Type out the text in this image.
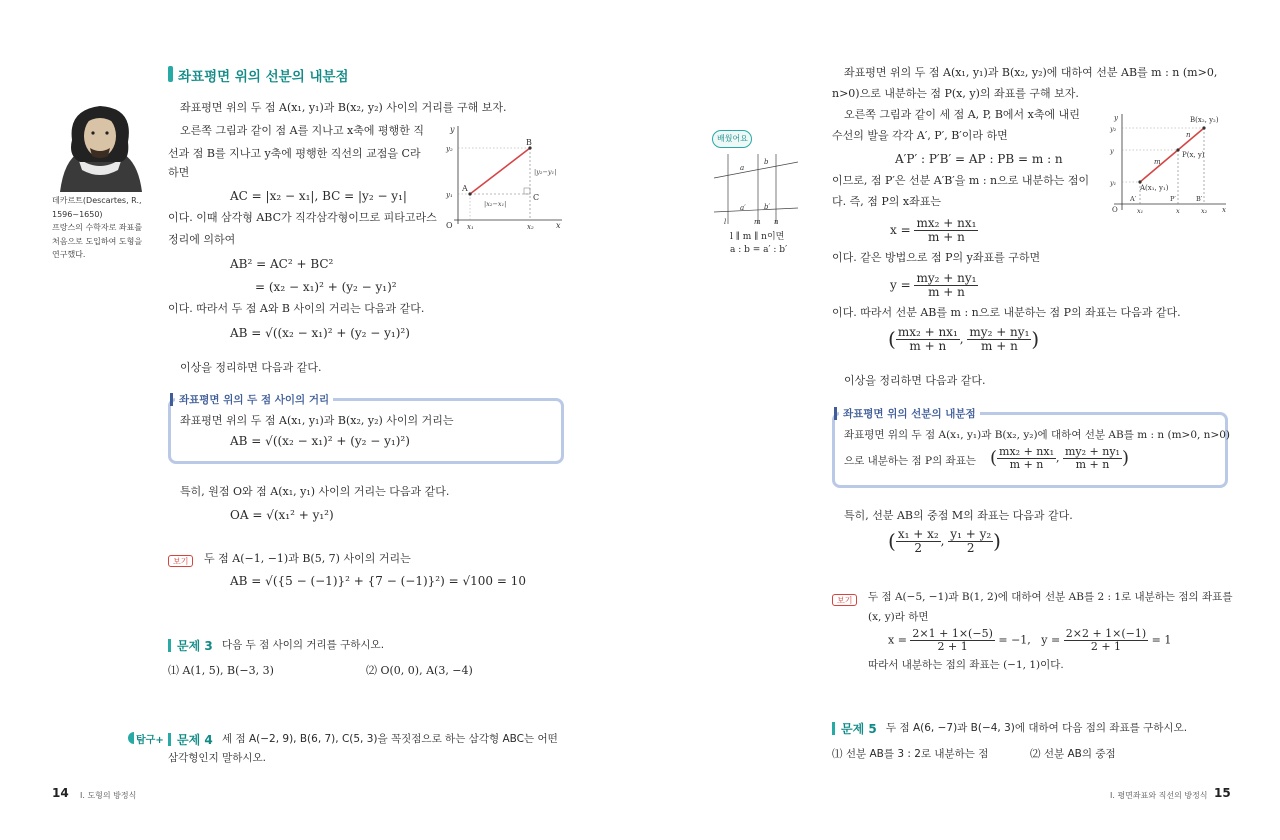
데카르트(Descartes, R.,
1596~1650)
프랑스의 수학자로 좌표를
처음으로 도입하여 도형을
연구했다.
좌표평면 위의 선분의 내분점
좌표평면 위의 두 점 A(x₁, y₁)과 B(x₂, y₂) 사이의 거리를 구해 보자.
오른쪽 그림과 같이 점 A를 지나고 x축에 평행한 직
선과 점 B를 지나고 y축에 평행한 직선의 교점을 C라
하면
AC = |x₂ − x₁|, BC = |y₂ − y₁|
이다. 이때 삼각형 ABC가 직각삼각형이므로 피타고라스
정리에 의하여
AB² = AC² + BC²
= (x₂ − x₁)² + (y₂ − y₁)²
이다. 따라서 두 점 A와 B 사이의 거리는 다음과 같다.
AB = √((x₂ − x₁)² + (y₂ − y₁)²)
이상을 정리하면 다음과 같다.
y
x
O
A
B
C
y₂
y₁
x₁	x₂
|x₂−x₁|
|y₂−y₁|
좌표평면 위의 두 점 사이의 거리
좌표평면 위의 두 점 A(x₁, y₁)과 B(x₂, y₂) 사이의 거리는
AB = √((x₂ − x₁)² + (y₂ − y₁)²)
특히, 원점 O와 점 A(x₁, y₁) 사이의 거리는 다음과 같다.
OA = √(x₁² + y₁²)
보기	두 점 A(−1, −1)과 B(5, 7) 사이의 거리는
AB = √({5 − (−1)}² + {7 − (−1)}²) = √100 = 10
문제 3 다음 두 점 사이의 거리를 구하시오.
⑴ A(1, 5), B(−3, 3)	⑵ O(0, 0), A(3, −4)
탐구+ 문제 4 세 점 A(−2, 9), B(6, 7), C(5, 3)을 꼭짓점으로 하는 삼각형 ABC는 어떤
삼각형인지 말하시오.
14 Ⅰ. 도형의 방정식
배웠어요
a
b
a′	b′
l	m n
l ∥ m ∥ n이면
a : b = a′ : b′
좌표평면 위의 두 점 A(x₁, y₁)과 B(x₂, y₂)에 대하여 선분 AB를 m : n (m>0,
n>0)으로 내분하는 점 P(x, y)의 좌표를 구해 보자.
오른쪽 그림과 같이 세 점 A, P, B에서 x축에 내린
수선의 발을 각각 A′, P′, B′이라 하면
A′P′ : P′B′ = AP : PB = m : n
이므로, 점 P′은 선분 A′B′을 m : n으로 내분하는 점이
다. 즉, 점 P의 x좌표는
$x = \frac{\text{mx₂ + nx₁}}{m + n}$
이다. 같은 방법으로 점 P의 y좌표를 구하면
$y = \frac{\text{my₂ + ny₁}}{m + n}$
이다. 따라서 선분 AB를 m : n으로 내분하는 점 P의 좌표는 다음과 같다.
( $\frac{\text{mx₂ + nx₁}}{m + n}$ , $\frac{\text{my₂ + ny₁}}{m + n}$ )
이상을 정리하면 다음과 같다.
y
x
O
A(x₁, y₁)
P(x, y)
B(x₂, y₂)
m
n
y₂
y
y₁
A′	P′	B′
x₁	x	x₂
좌표평면 위의 선분의 내분점
좌표평면 위의 두 점 A(x₁, y₁)과 B(x₂, y₂)에 대하여 선분 AB를 m : n (m>0, n>0)
으로 내분하는 점 P의 좌표는 ( $\frac{\text{mx₂ + nx₁}}{m + n}$ , $\frac{\text{my₂ + ny₁}}{m + n}$ )
특히, 선분 AB의 중점 M의 좌표는 다음과 같다.
( $\frac{\text{x₁ + x₂}}{2}$ , $\frac{\text{y₁ + y₂}}{2}$ )
보기	두 점 A(−5, −1)과 B(1, 2)에 대하여 선분 AB를 2 : 1로 내분하는 점의 좌표를
(x, y)라 하면
$x = \frac{2\times 1 + 1\times(-5)}{2 + 1} = -1$, $y = \frac{2\times 2 + 1\times(-1)}{2 + 1} = 1$
따라서 내분하는 점의 좌표는 (−1, 1)이다.
문제 5 두 점 A(6, −7)과 B(−4, 3)에 대하여 다음 점의 좌표를 구하시오.
⑴ 선분 AB를 3 : 2로 내분하는 점	⑵ 선분 AB의 중점
Ⅰ. 평면좌표와 직선의 방정식 15
